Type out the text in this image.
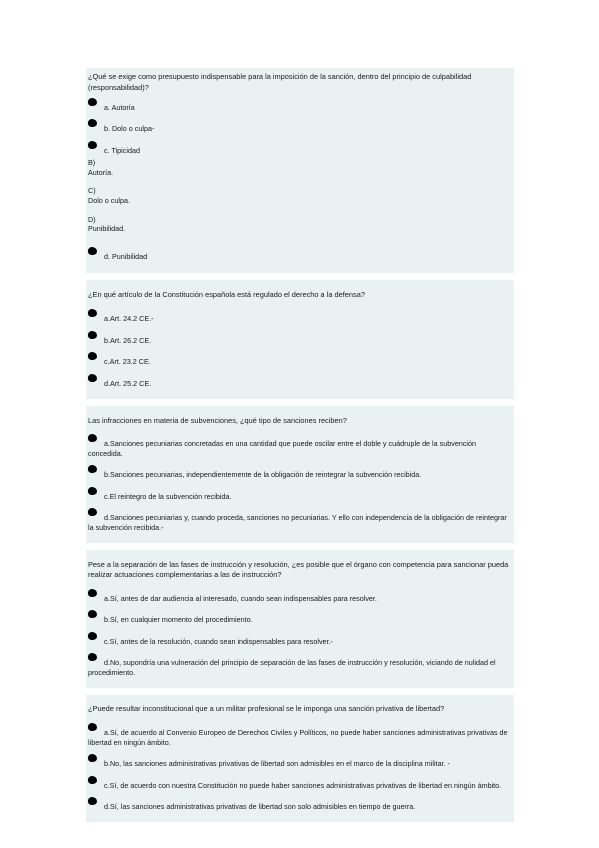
¿Qué se exige como presupuesto indispensable para la imposición de la sanción, dentro del principio de culpabilidad (responsabilidad)?

a. Autoría
b. Dolo o culpa-
c. Tipicidad
B)
Autoría.
C)
Dolo o culpa.
D)
Punibilidad.
d. Punibilidad

¿En qué artículo de la Constitución española está regulado el derecho a la defensa?

a.Art. 24.2 CE.-
b.Art. 26.2 CE.
c.Art. 23.2 CE.
d.Art. 25.2 CE.

Las infracciones en materia de subvenciones, ¿qué tipo de sanciones reciben?

a.Sanciones pecuniarias concretadas en una cantidad que puede oscilar entre el doble y cuádruple de la subvención concedida.
b.Sanciones pecuniarias, independientemente de la obligación de reintegrar la subvención recibida.
c.El reintegro de la subvención recibida.
d.Sanciones pecuniarias y, cuando proceda, sanciones no pecuniarias. Y ello con independencia de la obligación de reintegrar la subvención recibida.-

Pese a la separación de las fases de instrucción y resolución, ¿es posible que el órgano con competencia para sancionar pueda realizar actuaciones complementarias a las de instrucción?

a.Sí, antes de dar audiencia al interesado, cuando sean indispensables para resolver.
b.Sí, en cualquier momento del procedimiento.
c.Sí, antes de la resolución, cuando sean indispensables para resolver.-
d.No, supondría una vulneración del principio de separación de las fases de instrucción y resolución, viciando de nulidad el procedimiento.

¿Puede resultar inconstitucional que a un militar profesional se le imponga una sanción privativa de libertad?

a.Sí, de acuerdo al Convenio Europeo de Derechos Civiles y Políticos, no puede haber sanciones administrativas privativas de libertad en ningún ámbito.
b.No, las sanciones administrativas privativas de libertad son admisibles en el marco de la disciplina militar. -
c.Sí, de acuerdo con nuestra Constitución no puede haber sanciones administrativas privativas de libertad en ningún ámbito.
d.Sí, las sanciones administrativas privativas de libertad son solo admisibles en tiempo de guerra.
